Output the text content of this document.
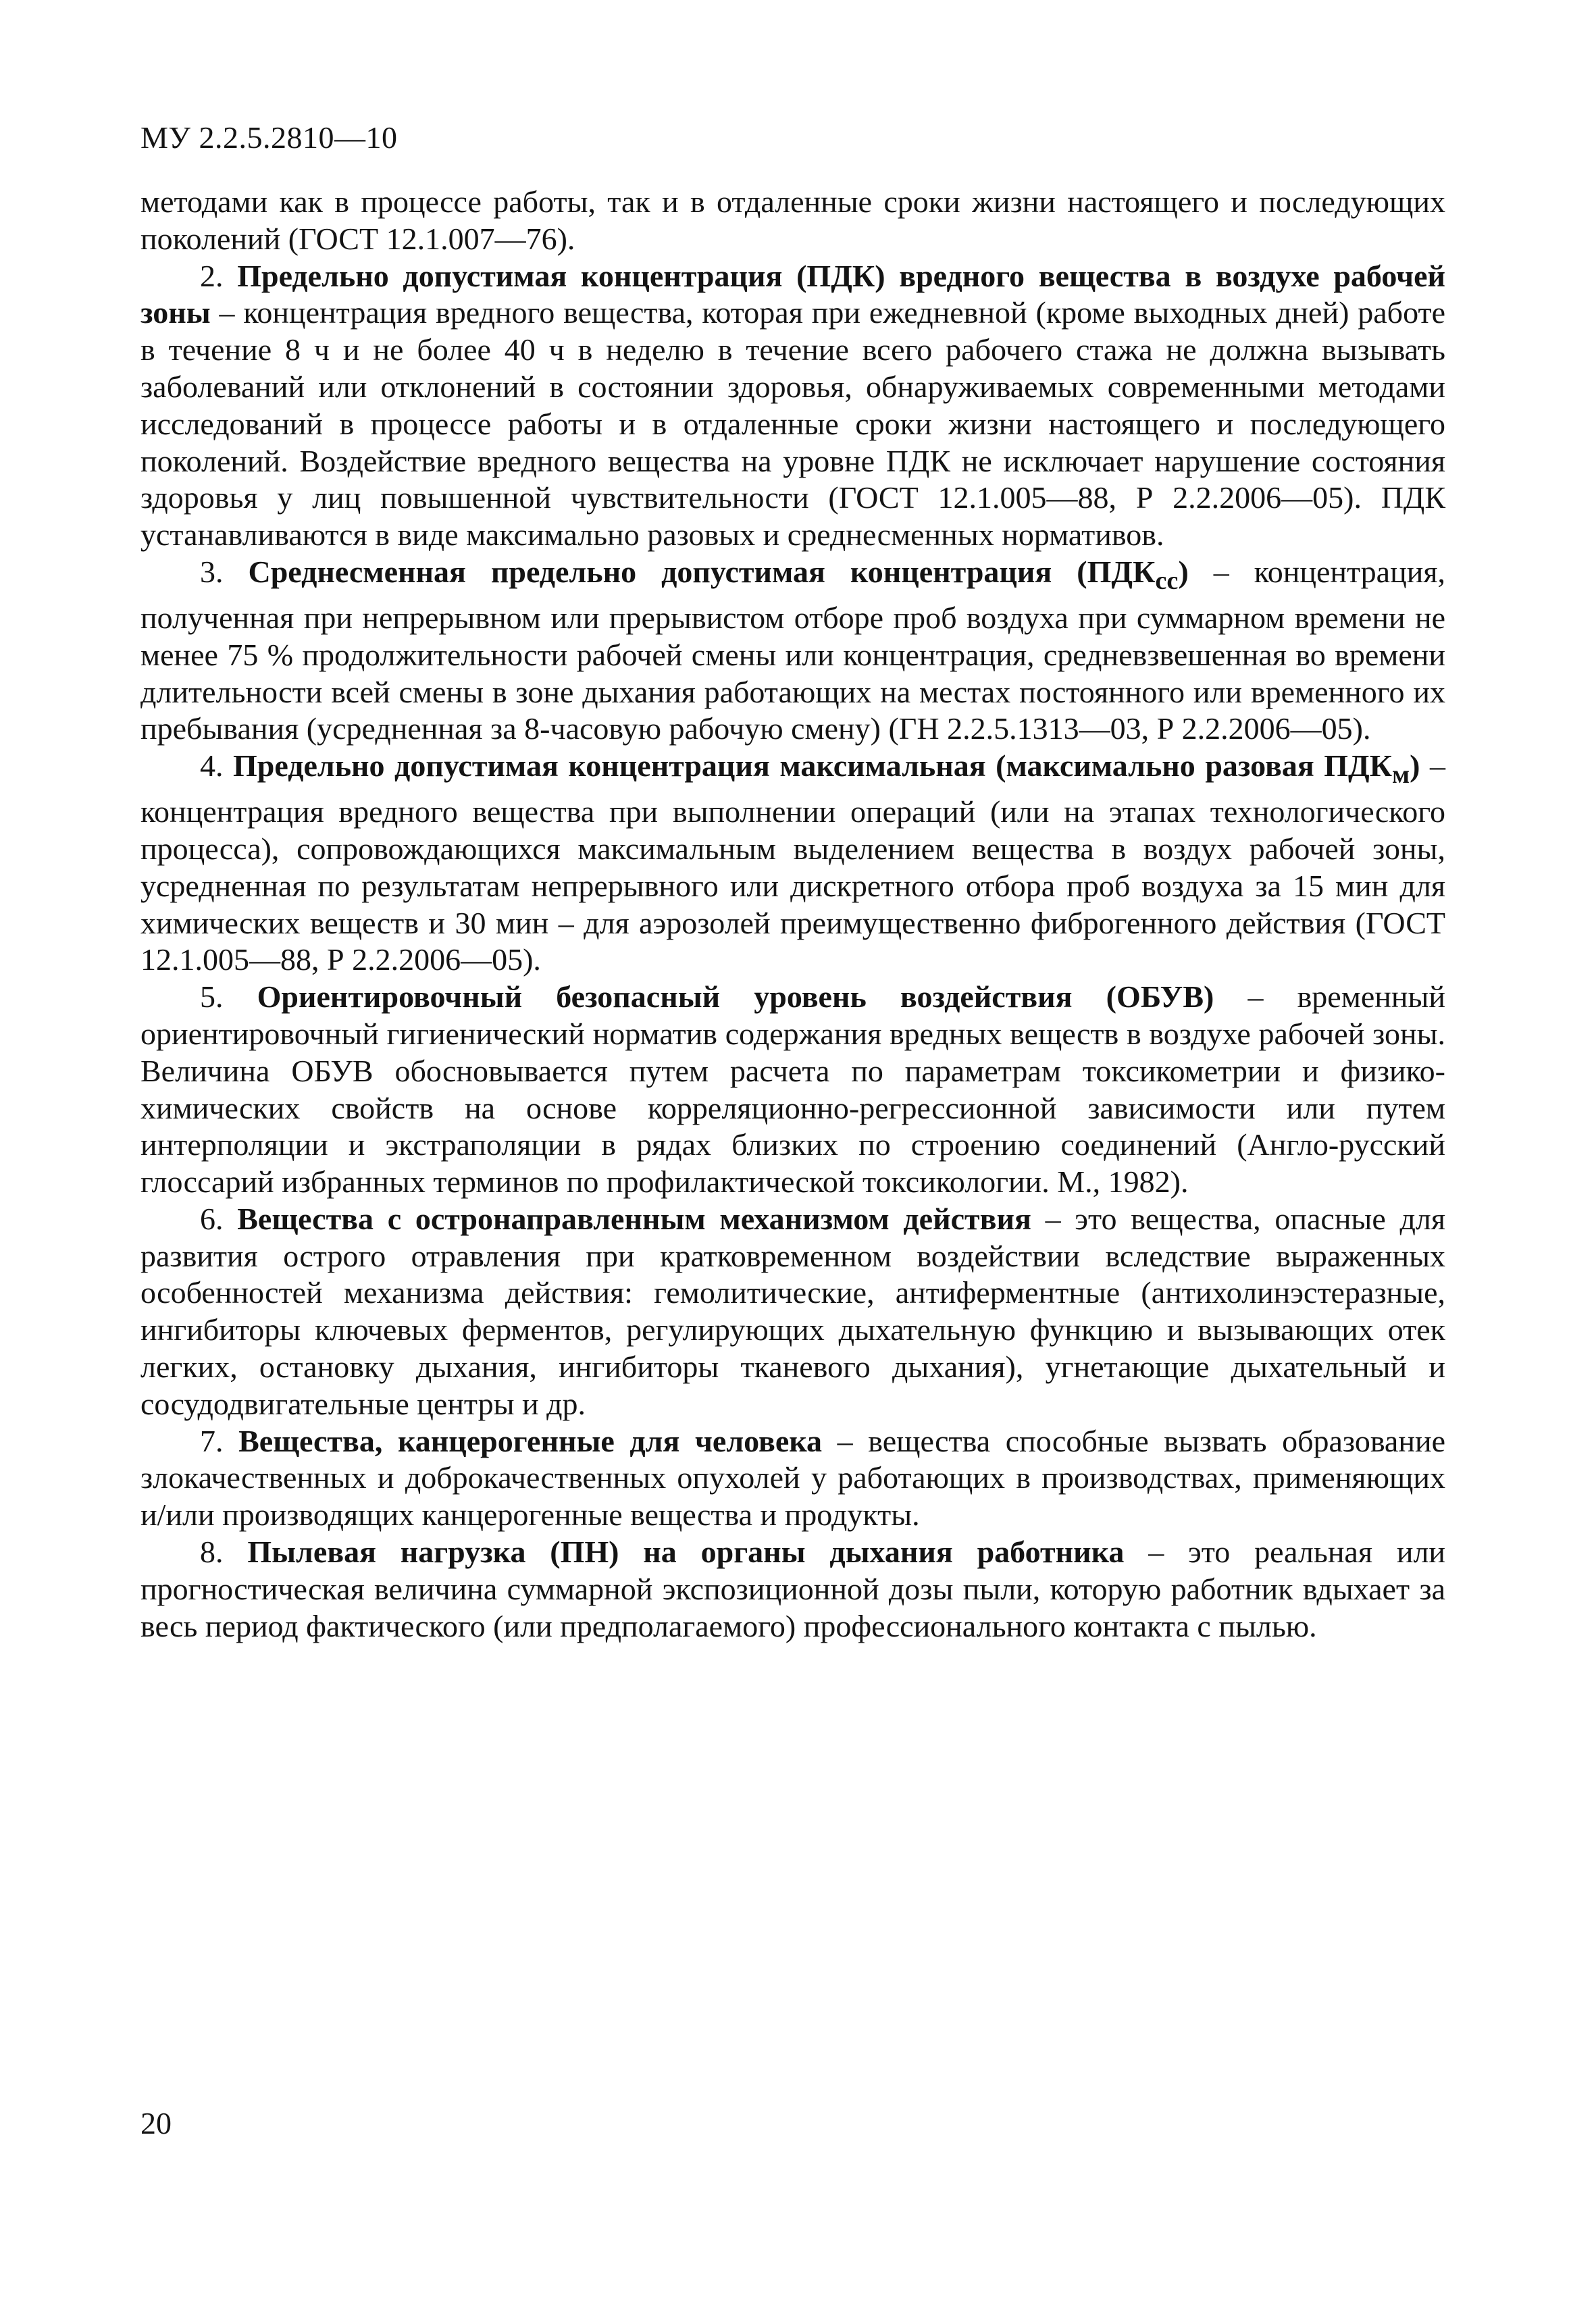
МУ 2.2.5.2810—10

методами как в процессе работы, так и в отдаленные сроки жизни настоящего и последующих поколений (ГОСТ 12.1.007—76).

2. Предельно допустимая концентрация (ПДК) вредного вещества в воздухе рабочей зоны – концентрация вредного вещества, которая при ежедневной (кроме выходных дней) работе в течение 8 ч и не более 40 ч в неделю в течение всего рабочего стажа не должна вызывать заболеваний или отклонений в состоянии здоровья, обнаруживаемых современными методами исследований в процессе работы и в отдаленные сроки жизни настоящего и последующего поколений. Воздействие вредного вещества на уровне ПДК не исключает нарушение состояния здоровья у лиц повышенной чувствительности (ГОСТ 12.1.005—88, Р 2.2.2006—05). ПДК устанавливаются в виде максимально разовых и среднесменных нормативов.

3. Среднесменная предельно допустимая концентрация $(ПДК_{сс})$ – концентрация, полученная при непрерывном или прерывистом отборе проб воздуха при суммарном времени не менее 75 % продолжительности рабочей смены или концентрация, средневзвешенная во времени длительности всей смены в зоне дыхания работающих на местах постоянного или временного их пребывания (усредненная за 8-часовую рабочую смену) (ГН 2.2.5.1313—03, Р 2.2.2006—05).

4. Предельно допустимая концентрация максимальная (максимально разовая $ПДК_м$) – концентрация вредного вещества при выполнении операций (или на этапах технологического процесса), сопровождающихся максимальным выделением вещества в воздух рабочей зоны, усредненная по результатам непрерывного или дискретного отбора проб воздуха за 15 мин для химических веществ и 30 мин – для аэрозолей преимущественно фиброгенного действия (ГОСТ 12.1.005—88, Р 2.2.2006—05).

5. Ориентировочный безопасный уровень воздействия (ОБУВ) – временный ориентировочный гигиенический норматив содержания вредных веществ в воздухе рабочей зоны. Величина ОБУВ обосновывается путем расчета по параметрам токсикометрии и физико-химических свойств на основе корреляционно-регрессионной зависимости или путем интерполяции и экстраполяции в рядах близких по строению соединений (Англо-русский глоссарий избранных терминов по профилактической токсикологии. М., 1982).

6. Вещества с остронаправленным механизмом действия – это вещества, опасные для развития острого отравления при кратковременном воздействии вследствие выраженных особенностей механизма действия: гемолитические, антиферментные (антихолинэстеразные, ингибиторы ключевых ферментов, регулирующих дыхательную функцию и вызывающих отек легких, остановку дыхания, ингибиторы тканевого дыхания), угнетающие дыхательный и сосудодвигательные центры и др.

7. Вещества, канцерогенные для человека – вещества способные вызвать образование злокачественных и доброкачественных опухолей у работающих в производствах, применяющих и/или производящих канцерогенные вещества и продукты.

8. Пылевая нагрузка (ПН) на органы дыхания работника – это реальная или прогностическая величина суммарной экспозиционной дозы пыли, которую работник вдыхает за весь период фактического (или предполагаемого) профессионального контакта с пылью.

20
